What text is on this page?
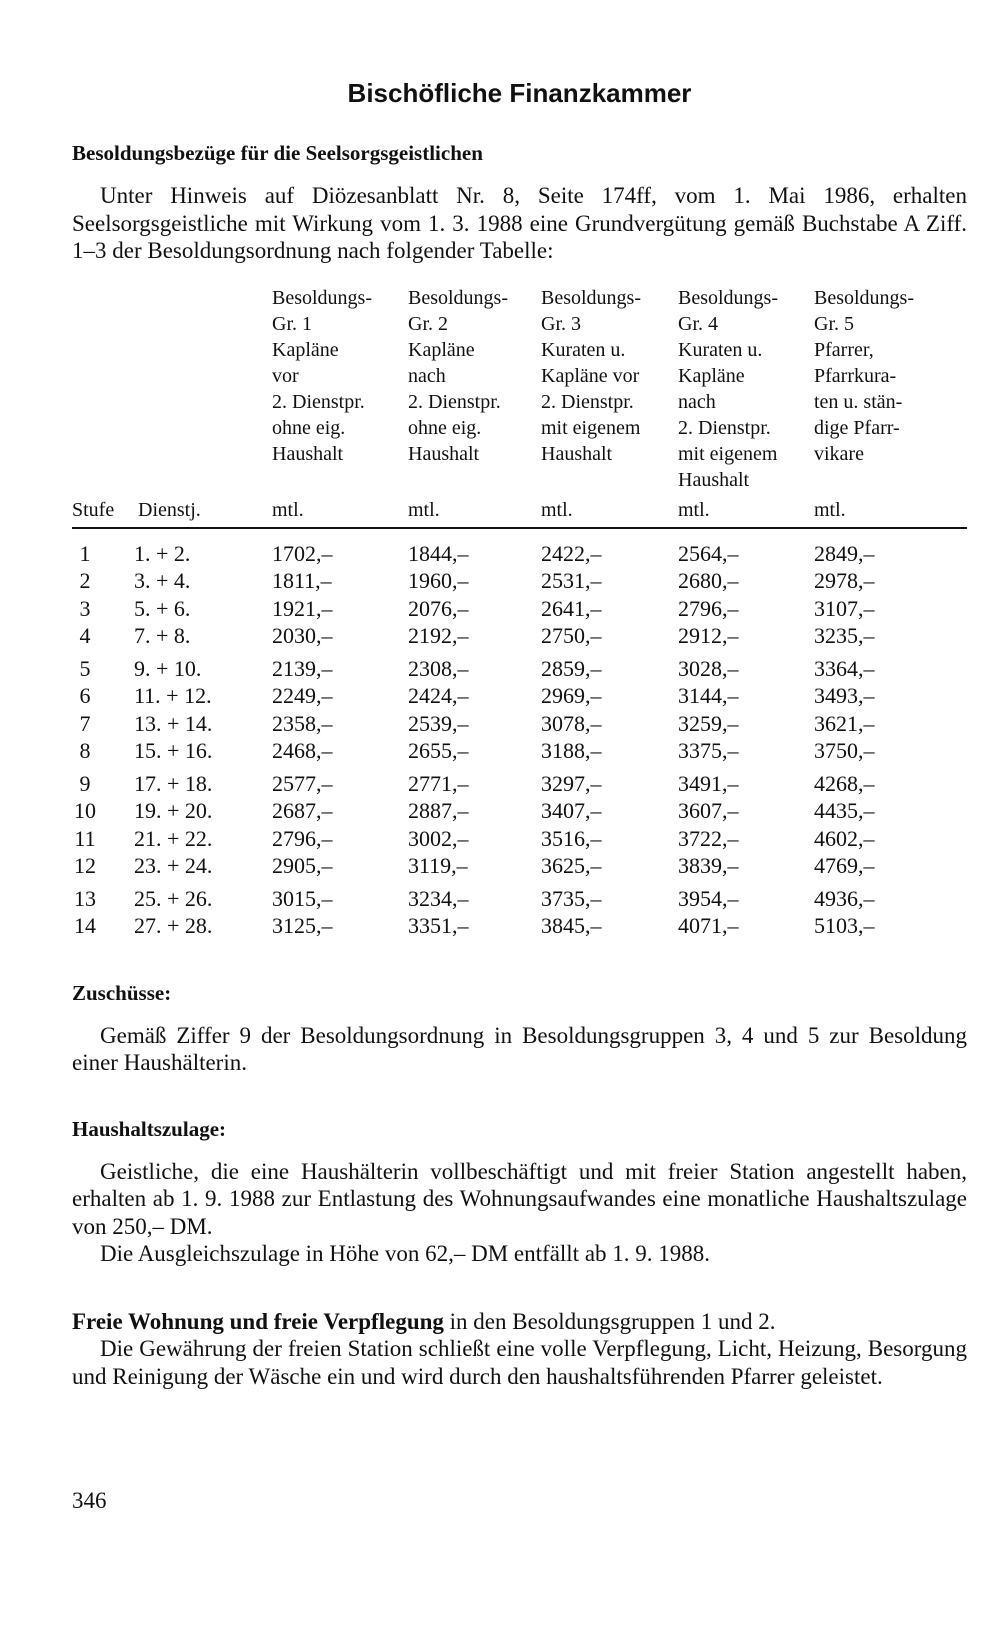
Bischöfliche Finanzkammer
Besoldungsbezüge für die Seelsorgsgeistlichen

Unter Hinweis auf Diözesanblatt Nr. 8, Seite 174ff, vom 1. Mai 1986, erhalten Seelsorgsgeistliche mit Wirkung vom 1. 3. 1988 eine Grundvergütung gemäß Buchstabe A Ziff. 1–3 der Besoldungsordnung nach folgender Tabelle:

Besoldungs-
Gr. 1
Kapläne
vor
2. Dienstpr.
ohne eig.
Haushalt
Besoldungs-
Gr. 2
Kapläne
nach
2. Dienstpr.
ohne eig.
Haushalt
Besoldungs-
Gr. 3
Kuraten u.
Kapläne vor
2. Dienstpr.
mit eigenem
Haushalt
Besoldungs-
Gr. 4
Kuraten u.
Kapläne
nach
2. Dienstpr.
mit eigenem
Haushalt
Besoldungs-
Gr. 5
Pfarrer,
Pfarrkura-
ten u. stän-
dige Pfarr-
vikare
Stufe Dienstj.	mtl.	mtl.	mtl.	mtl.	mtl.
1	1. + 2.	1702,–	1844,–	2422,–	2564,–	2849,–
2	3. + 4.	1811,–	1960,–	2531,–	2680,–	2978,–
3	5. + 6.	1921,–	2076,–	2641,–	2796,–	3107,–
4	7. + 8.	2030,–	2192,–	2750,–	2912,–	3235,–
5	9. + 10.	2139,–	2308,–	2859,–	3028,–	3364,–
6	11. + 12.	2249,–	2424,–	2969,–	3144,–	3493,–
7	13. + 14.	2358,–	2539,–	3078,–	3259,–	3621,–
8	15. + 16.	2468,–	2655,–	3188,–	3375,–	3750,–
9	17. + 18.	2577,–	2771,–	3297,–	3491,–	4268,–
10 19. + 20.	2687,–	2887,–	3407,–	3607,–	4435,–
11 21. + 22.	2796,–	3002,–	3516,–	3722,–	4602,–
12 23. + 24.	2905,–	3119,–	3625,–	3839,–	4769,–
13 25. + 26.	3015,–	3234,–	3735,–	3954,–	4936,–
14 27. + 28.	3125,–	3351,–	3845,–	4071,–	5103,–
Zuschüsse:

Gemäß Ziffer 9 der Besoldungsordnung in Besoldungsgruppen 3, 4 und 5 zur Besoldung einer Haushälterin.

Haushaltszulage:

Geistliche, die eine Haushälterin vollbeschäftigt und mit freier Station angestellt haben, erhalten ab 1. 9. 1988 zur Entlastung des Wohnungsaufwandes eine monatliche Haushaltszulage von 250,– DM.

Die Ausgleichszulage in Höhe von 62,– DM entfällt ab 1. 9. 1988.

Freie Wohnung und freie Verpflegung in den Besoldungsgruppen 1 und 2.

Die Gewährung der freien Station schließt eine volle Verpflegung, Licht, Heizung, Besorgung und Reinigung der Wäsche ein und wird durch den haushaltsführenden Pfarrer geleistet.

346
